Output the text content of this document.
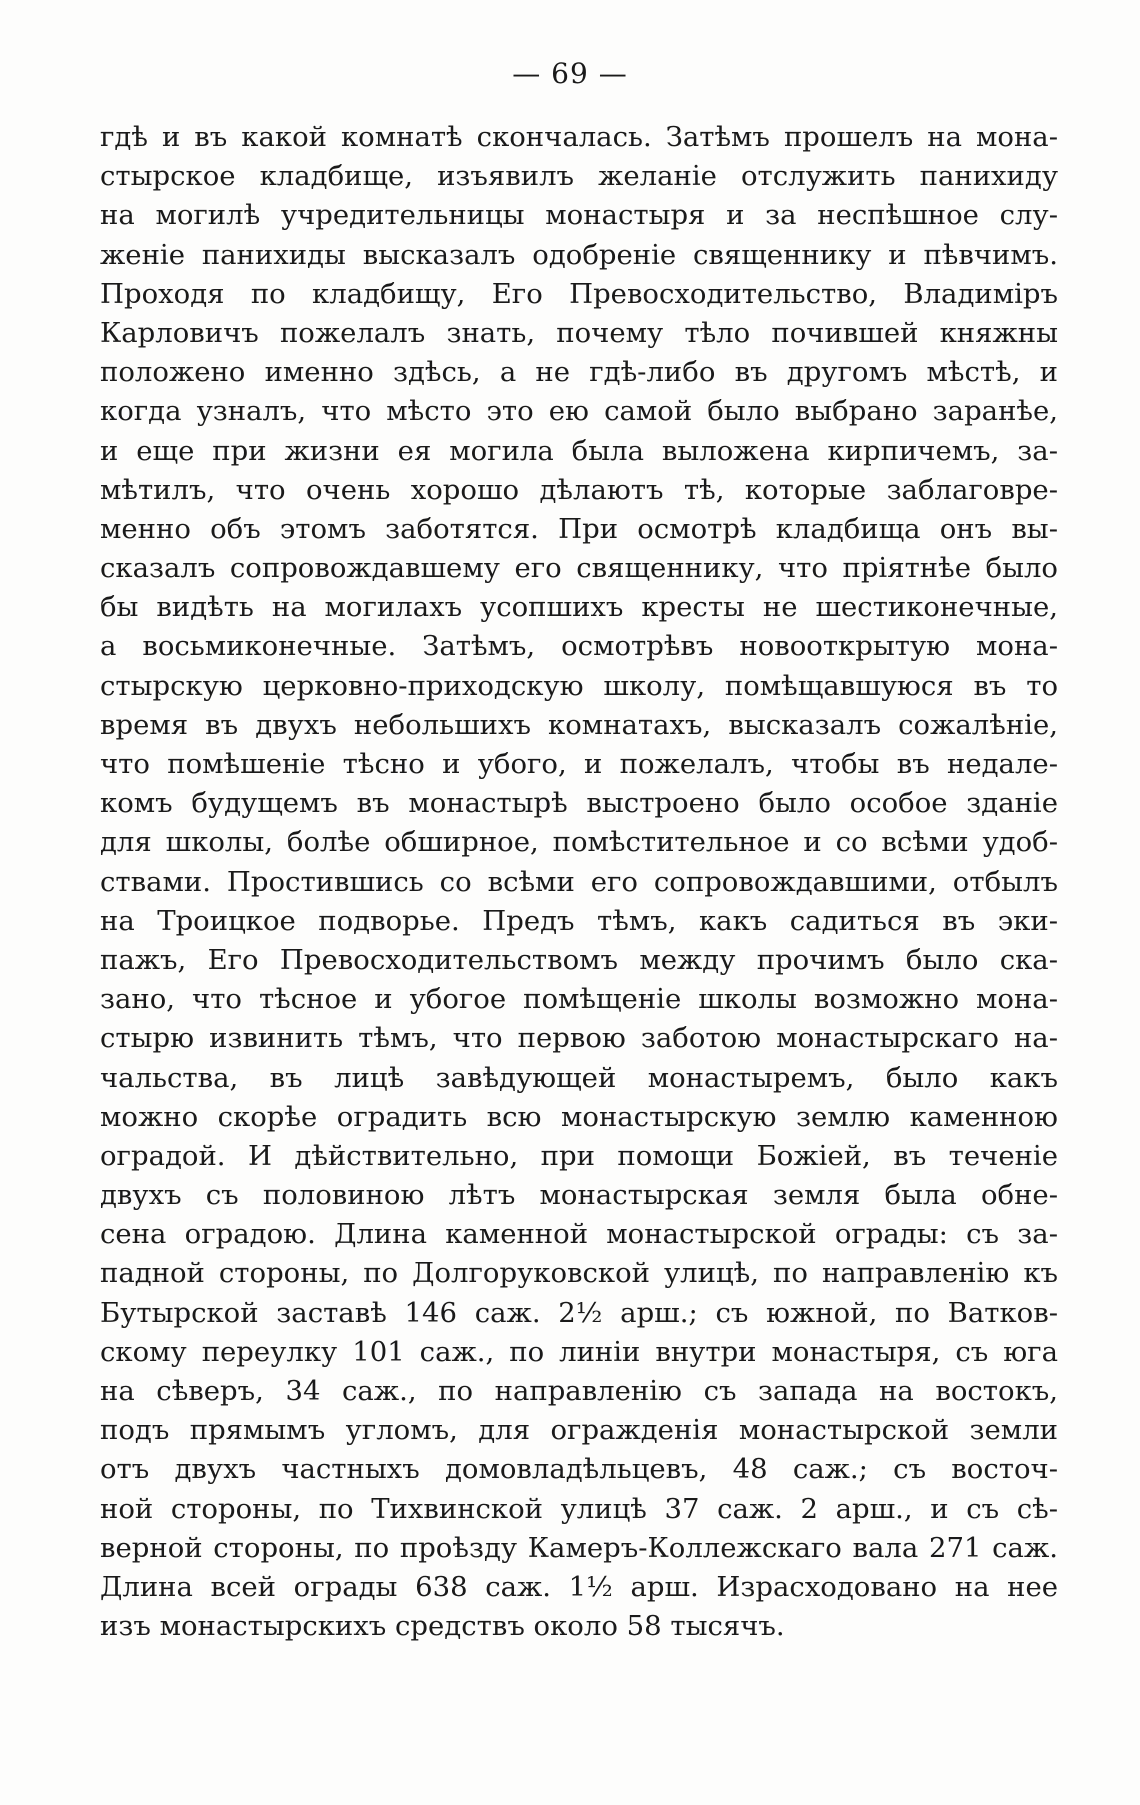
— 69 —
гдѣ и въ какой комнатѣ скончалась. Затѣмъ прошелъ на мона-
стырское кладбище, изъявилъ желаніе отслужить панихиду
на могилѣ учредительницы монастыря и за неспѣшное слу-
женіе панихиды высказалъ одобреніе священнику и пѣвчимъ.
Проходя по кладбищу, Его Превосходительство, Владиміръ
Карловичъ пожелалъ знать, почему тѣло почившей княжны
положено именно здѣсь, а не гдѣ-либо въ другомъ мѣстѣ, и
когда узналъ, что мѣсто это ею самой было выбрано заранѣе,
и еще при жизни ея могила была выложена кирпичемъ, за-
мѣтилъ, что очень хорошо дѣлаютъ тѣ, которые заблаговре-
менно объ этомъ заботятся. При осмотрѣ кладбища онъ вы-
сказалъ сопровождавшему его священнику, что пріятнѣе было
бы видѣть на могилахъ усопшихъ кресты не шестиконечные,
а восьмиконечные. Затѣмъ, осмотрѣвъ новооткрытую мона-
стырскую церковно-приходскую школу, помѣщавшуюся въ то
время въ двухъ небольшихъ комнатахъ, высказалъ сожалѣніе,
что помѣшеніе тѣсно и убого, и пожелалъ, чтобы въ недале-
комъ будущемъ въ монастырѣ выстроено было особое зданіе
для школы, болѣе обширное, помѣстительное и со всѣми удоб-
ствами. Простившись со всѣми его сопровождавшими, отбылъ
на Троицкое подворье. Предъ тѣмъ, какъ садиться въ эки-
пажъ, Его Превосходительствомъ между прочимъ было ска-
зано, что тѣсное и убогое помѣщеніе школы возможно мона-
стырю извинить тѣмъ, что первою заботою монастырскаго на-
чальства, въ лицѣ завѣдующей монастыремъ, было какъ
можно скорѣе оградить всю монастырскую землю каменною
оградой. И дѣйствительно, при помощи Божіей, въ теченіе
двухъ съ половиною лѣтъ монастырская земля была обне-
сена оградою. Длина каменной монастырской ограды: съ за-
падной стороны, по Долгоруковской улицѣ, по направленію къ
Бутырской заставѣ 146 саж. 2½ арш.; съ южной, по Ватков-
скому переулку 101 саж., по линіи внутри монастыря, съ юга
на сѣверъ, 34 саж., по направленію съ запада на востокъ,
подъ прямымъ угломъ, для огражденія монастырской земли
отъ двухъ частныхъ домовладѣльцевъ, 48 саж.; съ восточ-
ной стороны, по Тихвинской улицѣ 37 саж. 2 арш., и съ сѣ-
верной стороны, по проѣзду Камеръ-Коллежскаго вала 271 саж.
Длина всей ограды 638 саж. 1½ арш. Израсходовано на нее
изъ монастырскихъ средствъ около 58 тысячъ.
